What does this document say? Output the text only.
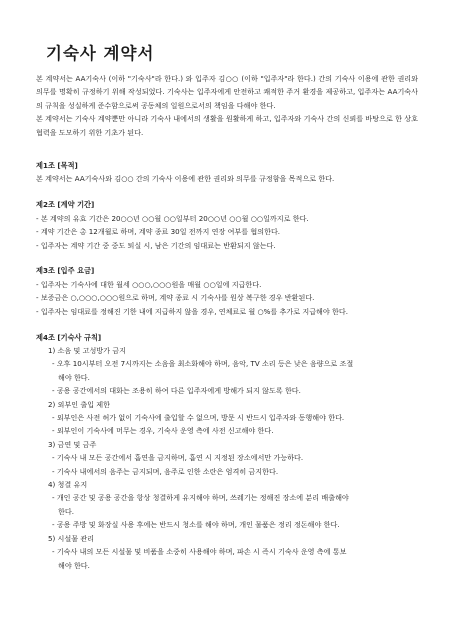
기숙사 계약서

본 계약서는 AA기숙사 (이하 "기숙사"라 한다.) 와 입주자 김○○ (이하 "입주자"라 한다.) 간의 기숙사 이용에 관한 권리와 의무를 명확히 규정하기 위해 작성되었다. 기숙사는 입주자에게 안전하고 쾌적한 주거 환경을 제공하고, 입주자는 AA기숙사의 규칙을 성실하게 준수함으로써 공동체의 일원으로서의 책임을 다해야 한다.

본 계약서는 기숙사 계약뿐만 아니라 기숙사 내에서의 생활을 원활하게 하고, 입주자와 기숙사 간의 신뢰를 바탕으로 한 상호 협력을 도모하기 위한 기초가 된다.

제1조 [목적]

본 계약서는 AA기숙사와 김○○ 간의 기숙사 이용에 관한 권리와 의무를 규정함을 목적으로 한다.

제2조 [계약 기간]
- 본 계약의 유효 기간은 20○○년 ○○월 ○○일부터 20○○년 ○○월 ○○일까지로 한다.
- 계약 기간은 총 12개월로 하며, 계약 종료 30일 전까지 연장 여부를 협의한다.
- 입주자는 계약 기간 중 중도 퇴실 시, 남은 기간의 임대료는 반환되지 않는다.
제3조 [입주 요금]
- 입주자는 기숙사에 대한 월세 ○○○,○○○원을 매월 ○○일에 지급한다.
- 보증금은 ○,○○○,○○○원으로 하며, 계약 종료 시 기숙사를 원상 복구한 경우 반환된다.
- 입주자는 임대료를 정해진 기한 내에 지급하지 않을 경우, 연체료로 월 ○%를 추가로 지급해야 한다.
제4조 [기숙사 규칙]
1) 소음 및 고성방가 금지
- 오후 10시부터 오전 7시까지는 소음을 최소화해야 하며, 음악, TV 소리 등은 낮은 음량으로 조절
해야 한다.
- 공용 공간에서의 대화는 조용히 하여 다른 입주자에게 방해가 되지 않도록 한다.
2) 외부인 출입 제한
- 외부인은 사전 허가 없이 기숙사에 출입할 수 없으며, 방문 시 반드시 입주자와 동행해야 한다.
- 외부인이 기숙사에 머무는 경우, 기숙사 운영 측에 사전 신고해야 한다.
3) 금연 및 금주
- 기숙사 내 모든 공간에서 흡연을 금지하며, 흡연 시 지정된 장소에서만 가능하다.
- 기숙사 내에서의 음주는 금지되며, 음주로 인한 소란은 엄격히 금지한다.
4) 청결 유지
- 개인 공간 및 공용 공간을 항상 청결하게 유지해야 하며, 쓰레기는 정해진 장소에 분리 배출해야
한다.
- 공용 주방 및 화장실 사용 후에는 반드시 청소를 해야 하며, 개인 물품은 정리 정돈해야 한다.
5) 시설물 관리
- 기숙사 내의 모든 시설물 및 비품을 소중히 사용해야 하며, 파손 시 즉시 기숙사 운영 측에 통보
해야 한다.
